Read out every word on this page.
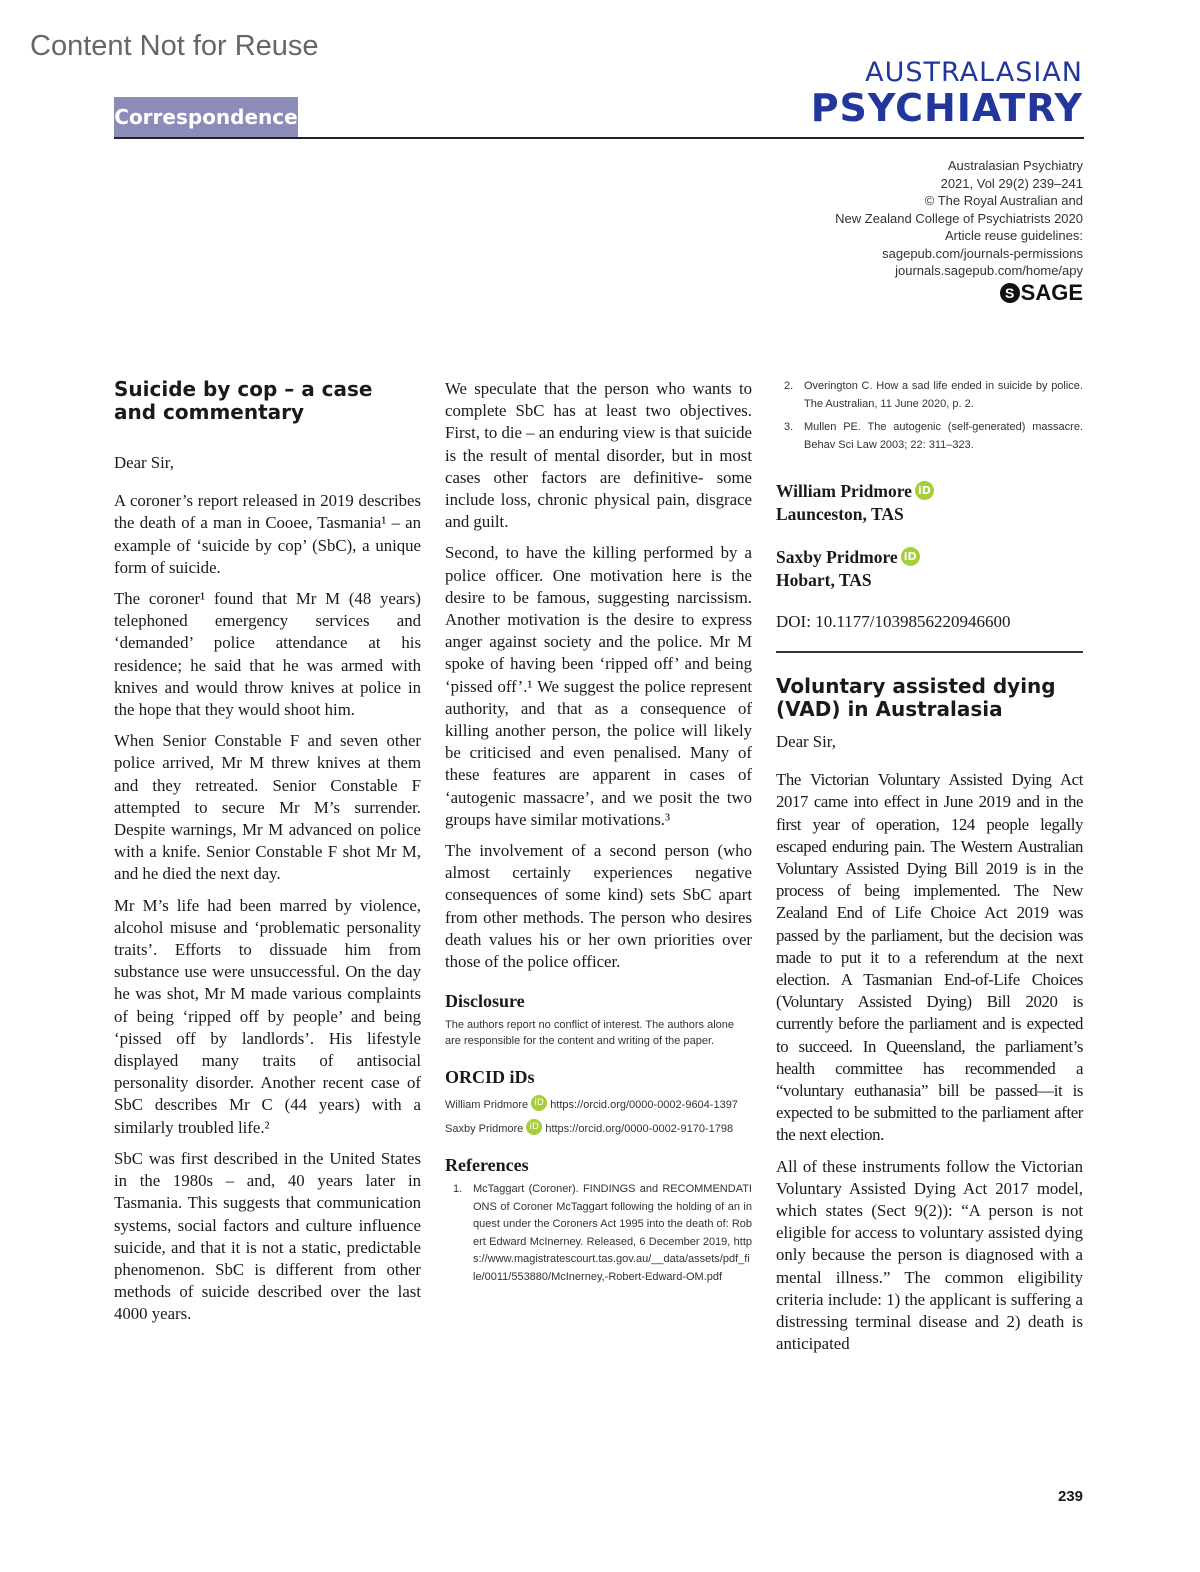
Content Not for Reuse
Correspondence
AUSTRALASIAN
PSYCHIATRY
Australasian Psychiatry
2021, Vol 29(2) 239–241
© The Royal Australian and
New Zealand College of Psychiatrists 2020
Article reuse guidelines:
sagepub.com/journals-permissions
journals.sagepub.com/home/apy
S SAGE
Suicide by cop – a case and commentary

Dear Sir,

A coroner’s report released in 2019 describes the death of a man in Cooee, Tasmania¹ – an example of ‘suicide by cop’ (SbC), a unique form of suicide.

The coroner¹ found that Mr M (48 years) telephoned emergency services and ‘demanded’ police attendance at his residence; he said that he was armed with knives and would throw knives at police in the hope that they would shoot him.

When Senior Constable F and seven other police arrived, Mr M threw knives at them and they retreated. Senior Constable F attempted to secure Mr M’s surrender. Despite warnings, Mr M advanced on police with a knife. Senior Constable F shot Mr M, and he died the next day.

Mr M’s life had been marred by violence, alcohol misuse and ‘problematic personality traits’. Efforts to dissuade him from substance use were unsuccessful. On the day he was shot, Mr M made various complaints of being ‘ripped off by people’ and being ‘pissed off by landlords’. His lifestyle displayed many traits of antisocial personality disorder. Another recent case of SbC describes Mr C (44 years) with a similarly troubled life.²

SbC was first described in the United States in the 1980s – and, 40 years later in Tasmania. This suggests that communication systems, social factors and culture influence suicide, and that it is not a static, predictable phenomenon. SbC is different from other methods of suicide described over the last 4000 years.

We speculate that the person who wants to complete SbC has at least two objectives. First, to die – an enduring view is that suicide is the result of mental disorder, but in most cases other factors are definitive- some include loss, chronic physical pain, disgrace and guilt.

Second, to have the killing performed by a police officer. One motivation here is the desire to be famous, suggesting narcissism. Another motivation is the desire to express anger against society and the police. Mr M spoke of having been ‘ripped off’ and being ‘pissed off’.¹ We suggest the police represent authority, and that as a consequence of killing another person, the police will likely be criticised and even penalised. Many of these features are apparent in cases of ‘autogenic massacre’, and we posit the two groups have similar motivations.³

The involvement of a second person (who almost certainly experiences negative consequences of some kind) sets SbC apart from other methods. The person who desires death values his or her own priorities over those of the police officer.

Disclosure
The authors report no conflict of interest. The authors alone are responsible for the content and writing of the paper.
ORCID iDs
William Pridmore iD https://orcid.org/0000-0002-9604-1397
Saxby Pridmore iD https://orcid.org/0000-0002-9170-1798
References
1. McTaggart (Coroner). FINDINGS and RECOMMENDATIONS of Coroner McTaggart following the holding of an inquest under the Coroners Act 1995 into the death of: Robert Edward McInerney. Released, 6 December 2019, https://www.magistratescourt.tas.gov.au/__data/assets/pdf_file/0011/553880/McInerney,-Robert-Edward-OM.pdf
2. Overington C. How a sad life ended in suicide by police. The Australian, 11 June 2020, p. 2.
3. Mullen PE. The autogenic (self-generated) massacre. Behav Sci Law 2003; 22: 311–323.
William Pridmore iD
Launceston, TAS
Saxby Pridmore iD
Hobart, TAS
DOI: 10.1177/1039856220946600
Voluntary assisted dying (VAD) in Australasia

Dear Sir,

The Victorian Voluntary Assisted Dying Act 2017 came into effect in June 2019 and in the first year of operation, 124 people legally escaped enduring pain. The Western Australian Voluntary Assisted Dying Bill 2019 is in the process of being implemented. The New Zealand End of Life Choice Act 2019 was passed by the parliament, but the decision was made to put it to a referendum at the next election. A Tasmanian End-of-Life Choices (Voluntary Assisted Dying) Bill 2020 is currently before the parliament and is expected to succeed. In Queensland, the parliament’s health committee has recommended a “voluntary euthanasia” bill be passed—it is expected to be submitted to the parliament after the next election.

All of these instruments follow the Victorian Voluntary Assisted Dying Act 2017 model, which states (Sect 9(2)): “A person is not eligible for access to voluntary assisted dying only because the person is diagnosed with a mental illness.” The common eligibility criteria include: 1) the applicant is suffering a distressing terminal disease and 2) death is anticipated

239
